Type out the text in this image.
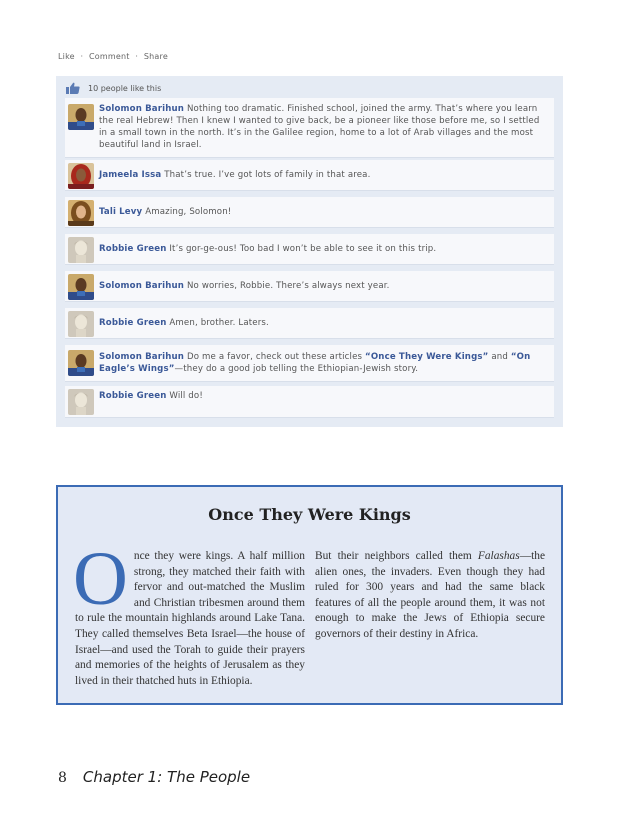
Like · Comment · Share
10 people like this
Solomon Barihun Nothing too dramatic. Finished school, joined the army. That’s where you learn the real Hebrew! Then I knew I wanted to give back, be a pioneer like those before me, so I settled in a small town in the north. It’s in the Galilee region, home to a lot of Arab villages and the most beautiful land in Israel.
Jameela Issa That’s true. I’ve got lots of family in that area.
Tali Levy Amazing, Solomon!
Robbie Green It’s gor-ge-ous! Too bad I won’t be able to see it on this trip.
Solomon Barihun No worries, Robbie. There’s always next year.
Robbie Green Amen, brother. Laters.
Solomon Barihun Do me a favor, check out these articles “Once They Were Kings” and “On Eagle’s Wings”—they do a good job telling the Ethiopian-Jewish story.
Robbie Green Will do!
Once They Were Kings
Once they were kings. A half million strong, they matched their faith with fervor and out-matched the Muslim and Christian tribesmen around them to rule the mountain highlands around Lake Tana. They called themselves Beta Israel—the house of Israel—and used the Torah to guide their prayers and memories of the heights of Jerusalem as they lived in their thatched huts in Ethiopia.
But their neighbors called them Falashas—the alien ones, the invaders. Even though they had ruled for 300 years and had the same black features of all the people around them, it was not enough to make the Jews of Ethiopia secure governors of their destiny in Africa.
8 Chapter 1: The People
